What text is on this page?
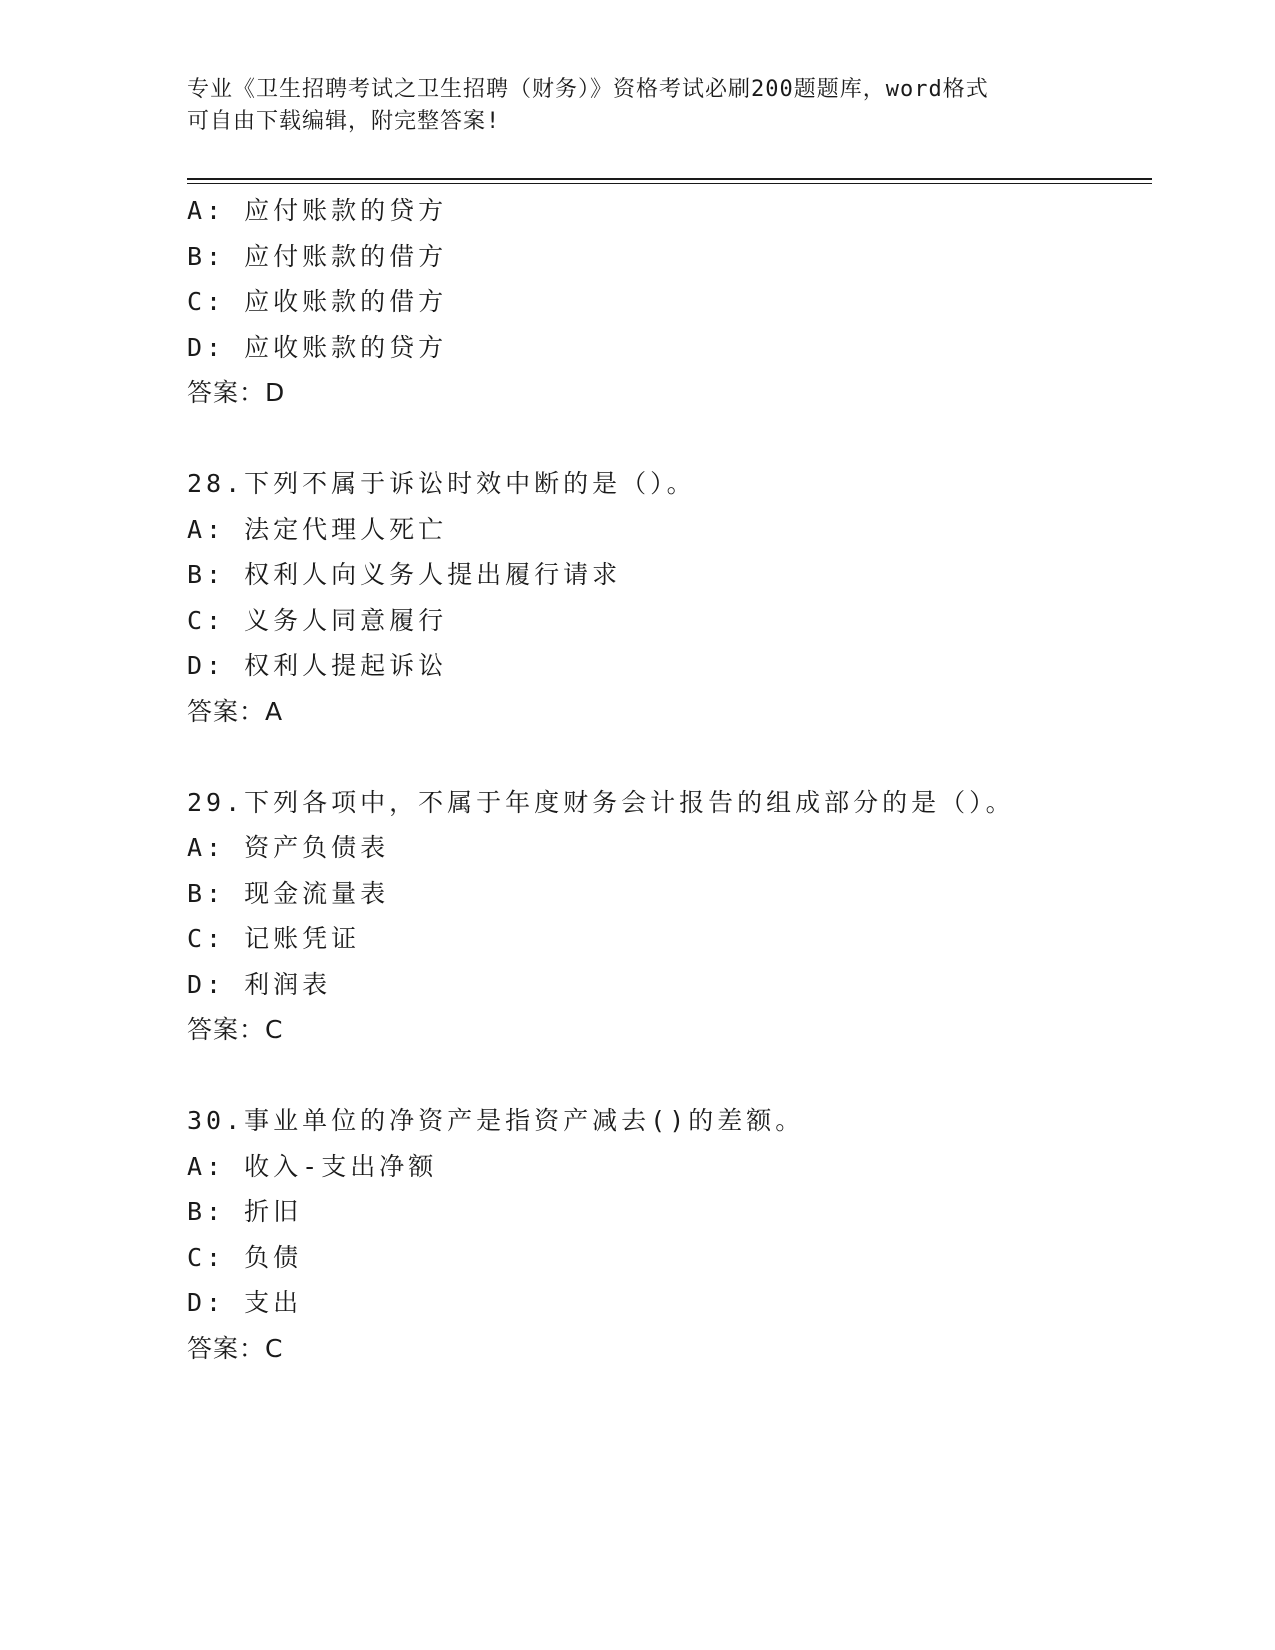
专业《卫生招聘考试之卫生招聘（财务）》资格考试必刷200题题库，word格式
可自由下载编辑，附完整答案!
A: 应付账款的贷方
B: 应付账款的借方
C: 应收账款的借方
D: 应收账款的贷方
答案：D
28.下列不属于诉讼时效中断的是（）。
A: 法定代理人死亡
B: 权利人向义务人提出履行请求
C: 义务人同意履行
D: 权利人提起诉讼
答案：A
29.下列各项中，不属于年度财务会计报告的组成部分的是（）。
A: 资产负债表
B: 现金流量表
C: 记账凭证
D: 利润表
答案：C
30.事业单位的净资产是指资产减去()的差额。
A: 收入-支出净额
B: 折旧
C: 负债
D: 支出
答案：C
